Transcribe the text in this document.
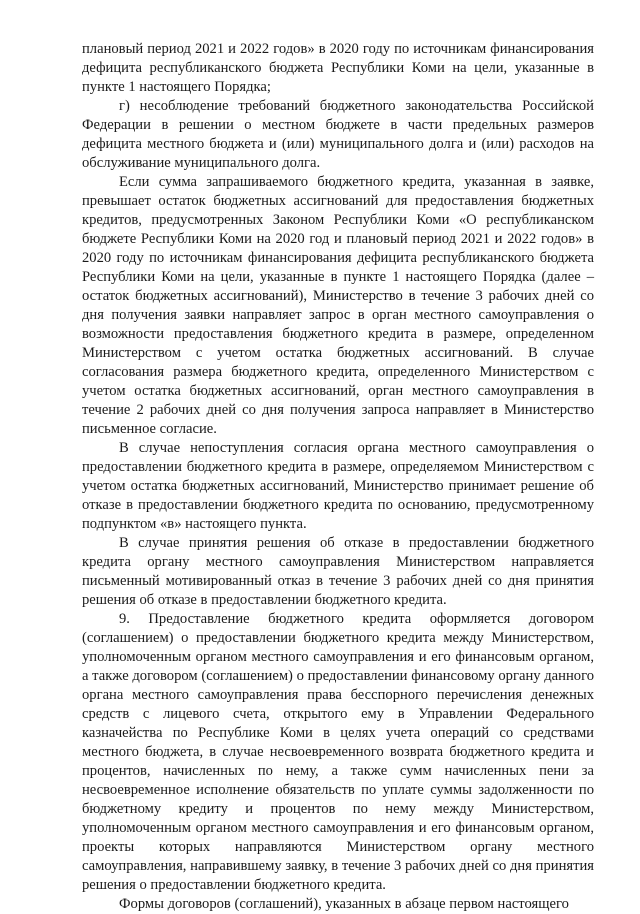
плановый период 2021 и 2022 годов» в 2020 году по источникам финансирования дефицита республиканского бюджета Республики Коми на цели, указанные в пункте 1 настоящего Порядка;

г) несоблюдение требований бюджетного законодательства Российской Федерации в решении о местном бюджете в части предельных размеров дефицита местного бюджета и (или) муниципального долга и (или) расходов на обслуживание муниципального долга.

Если сумма запрашиваемого бюджетного кредита, указанная в заявке, превышает остаток бюджетных ассигнований для предоставления бюджетных кредитов, предусмотренных Законом Республики Коми «О республиканском бюджете Республики Коми на 2020 год и плановый период 2021 и 2022 годов» в 2020 году по источникам финансирования дефицита республиканского бюджета Республики Коми на цели, указанные в пункте 1 настоящего Порядка (далее – остаток бюджетных ассигнований), Министерство в течение 3 рабочих дней со дня получения заявки направляет запрос в орган местного самоуправления о возможности предоставления бюджетного кредита в размере, определенном Министерством с учетом остатка бюджетных ассигнований. В случае согласования размера бюджетного кредита, определенного Министерством с учетом остатка бюджетных ассигнований, орган местного самоуправления в течение 2 рабочих дней со дня получения запроса направляет в Министерство письменное согласие.

В случае непоступления согласия органа местного самоуправления о предоставлении бюджетного кредита в размере, определяемом Министерством с учетом остатка бюджетных ассигнований, Министерство принимает решение об отказе в предоставлении бюджетного кредита по основанию, предусмотренному подпунктом «в» настоящего пункта.

В случае принятия решения об отказе в предоставлении бюджетного кредита органу местного самоуправления Министерством направляется письменный мотивированный отказ в течение 3 рабочих дней со дня принятия решения об отказе в предоставлении бюджетного кредита.

9. Предоставление бюджетного кредита оформляется договором (соглашением) о предоставлении бюджетного кредита между Министерством, уполномоченным органом местного самоуправления и его финансовым органом, а также договором (соглашением) о предоставлении финансовому органу данного органа местного самоуправления права бесспорного перечисления денежных средств с лицевого счета, открытого ему в Управлении Федерального казначейства по Республике Коми в целях учета операций со средствами местного бюджета, в случае несвоевременного возврата бюджетного кредита и процентов, начисленных по нему, а также сумм начисленных пени за несвоевременное исполнение обязательств по уплате суммы задолженности по бюджетному кредиту и процентов по нему между Министерством, уполномоченным органом местного самоуправления и его финансовым органом, проекты которых направляются Министерством органу местного самоуправления, направившему заявку, в течение 3 рабочих дней со дня принятия решения о предоставлении бюджетного кредита.

Формы договоров (соглашений), указанных в абзаце первом настоящего
